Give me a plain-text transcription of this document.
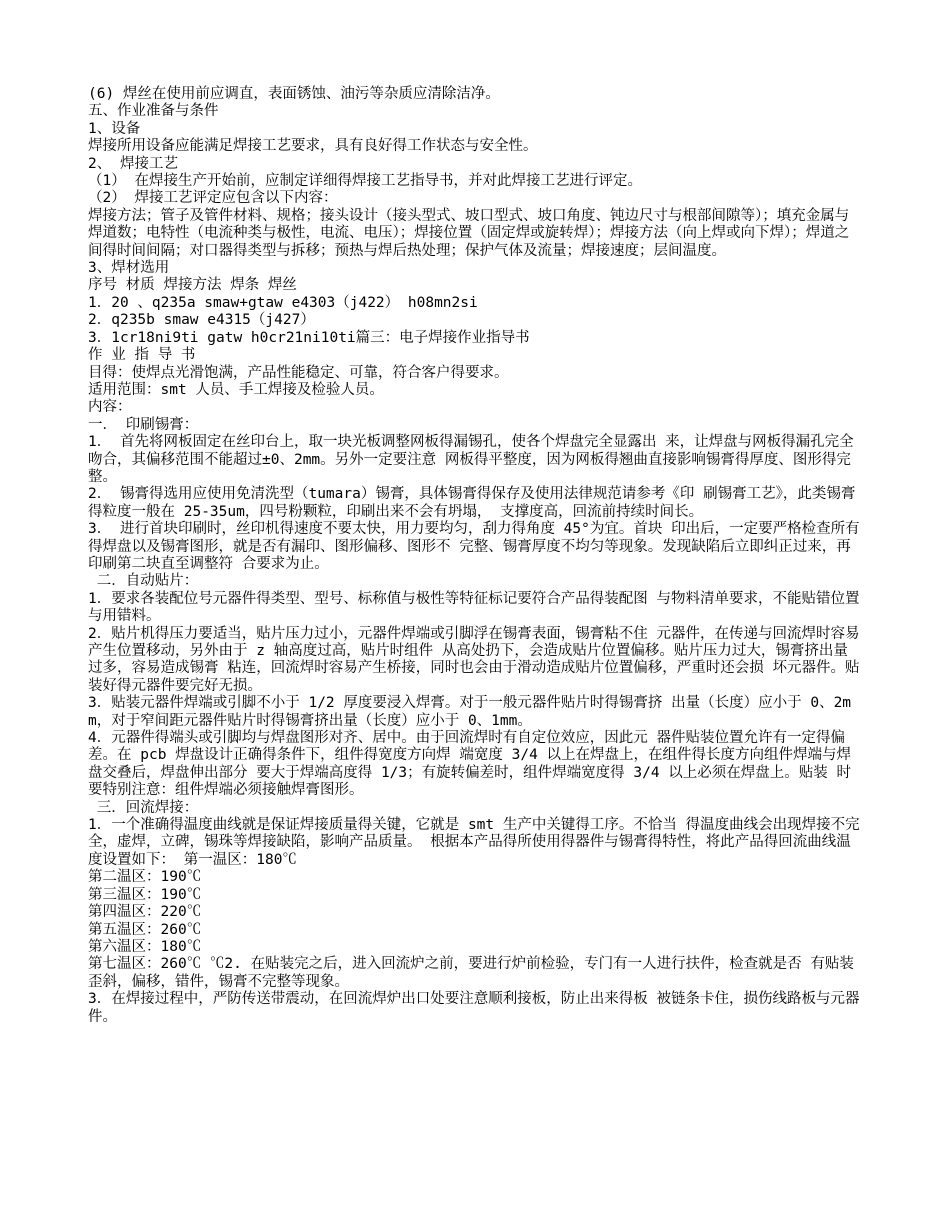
(6) 焊丝在使用前应调直，表面锈蚀、油污等杂质应清除洁净。

五、作业准备与条件

1、设备

焊接所用设备应能满足焊接工艺要求，具有良好得工作状态与安全性。

2、 焊接工艺

（1） 在焊接生产开始前，应制定详细得焊接工艺指导书，并对此焊接工艺进行评定。

（2） 焊接工艺评定应包含以下内容：

焊接方法；管子及管件材料、规格；接头设计（接头型式、坡口型式、坡口角度、钝边尺寸与根部间隙等）；填充金属与焊道数；电特性（电流种类与极性，电流、电压）；焊接位置（固定焊或旋转焊）；焊接方法（向上焊或向下焊）；焊道之间得时间间隔；对口器得类型与拆移；预热与焊后热处理；保护气体及流量；焊接速度；层间温度。

3、焊材选用

序号 材质 焊接方法 焊条 焊丝

1．20 、q235a smaw+gtaw e4303（j422） h08mn2si

2．q235b smaw e4315（j427）

3．1cr18ni9ti gatw h0cr21ni10ti篇三：电子焊接作业指导书

作 业 指 导 书

目得：使焊点光滑饱满，产品性能稳定、可靠，符合客户得要求。

适用范围：smt 人员、手工焊接及检验人员。

内容：

一． 印刷锡膏：

1． 首先将网板固定在丝印台上，取一块光板调整网板得漏锡孔，使各个焊盘完全显露出 来，让焊盘与网板得漏孔完全吻合，其偏移范围不能超过±0、2mm。另外一定要注意 网板得平整度，因为网板得翘曲直接影响锡膏得厚度、图形得完整。

2． 锡膏得选用应使用免清洗型（tumara）锡膏，具体锡膏得保存及使用法律规范请参考《印 刷锡膏工艺》，此类锡膏得粒度一般在 25-35um，四号粉颗粒，印刷出来不会有坍塌， 支撑度高，回流前持续时间长。

3． 进行首块印刷时，丝印机得速度不要太快，用力要均匀，刮力得角度 45°为宜。首块 印出后，一定要严格检查所有得焊盘以及锡膏图形，就是否有漏印、图形偏移、图形不 完整、锡膏厚度不均匀等现象。发现缺陷后立即纠正过来，再印刷第二块直至调整符 合要求为止。

二．自动贴片：

1．要求各装配位号元器件得类型、型号、标称值与极性等特征标记要符合产品得装配图 与物料清单要求，不能贴错位置与用错料。

2．贴片机得压力要适当，贴片压力过小，元器件焊端或引脚浮在锡膏表面，锡膏粘不住 元器件，在传递与回流焊时容易产生位置移动，另外由于 z 轴高度过高，贴片时组件 从高处扔下，会造成贴片位置偏移。贴片压力过大，锡膏挤出量过多，容易造成锡膏 粘连，回流焊时容易产生桥接，同时也会由于滑动造成贴片位置偏移，严重时还会损 坏元器件。贴装好得元器件要完好无损。

3．贴装元器件焊端或引脚不小于 1/2 厚度要浸入焊膏。对于一般元器件贴片时得锡膏挤 出量（长度）应小于 0、2mm，对于窄间距元器件贴片时得锡膏挤出量（长度）应小于 0、1mm。

4．元器件得端头或引脚均与焊盘图形对齐、居中。由于回流焊时有自定位效应，因此元 器件贴装位置允许有一定得偏差。在 pcb 焊盘设计正确得条件下，组件得宽度方向焊 端宽度 3/4 以上在焊盘上，在组件得长度方向组件焊端与焊盘交叠后，焊盘伸出部分 要大于焊端高度得 1/3；有旋转偏差时，组件焊端宽度得 3/4 以上必须在焊盘上。贴装 时要特别注意：组件焊端必须接触焊膏图形。

三．回流焊接：

1．一个准确得温度曲线就是保证焊接质量得关键，它就是 smt 生产中关键得工序。不恰当 得温度曲线会出现焊接不完全，虚焊，立碑，锡珠等焊接缺陷，影响产品质量。 根据本产品得所使用得器件与锡膏得特性，将此产品得回流曲线温度设置如下： 第一温区：180℃

第二温区：190℃

第三温区：190℃

第四温区：220℃

第五温区：260℃

第六温区：180℃

第七温区：260℃ ℃2. 在贴装完之后，进入回流炉之前，要进行炉前检验，专门有一人进行扶件，检查就是否 有贴装歪斜，偏移，错件，锡膏不完整等现象。

3．在焊接过程中，严防传送带震动，在回流焊炉出口处要注意顺利接板，防止出来得板 被链条卡住，损伤线路板与元器件。
